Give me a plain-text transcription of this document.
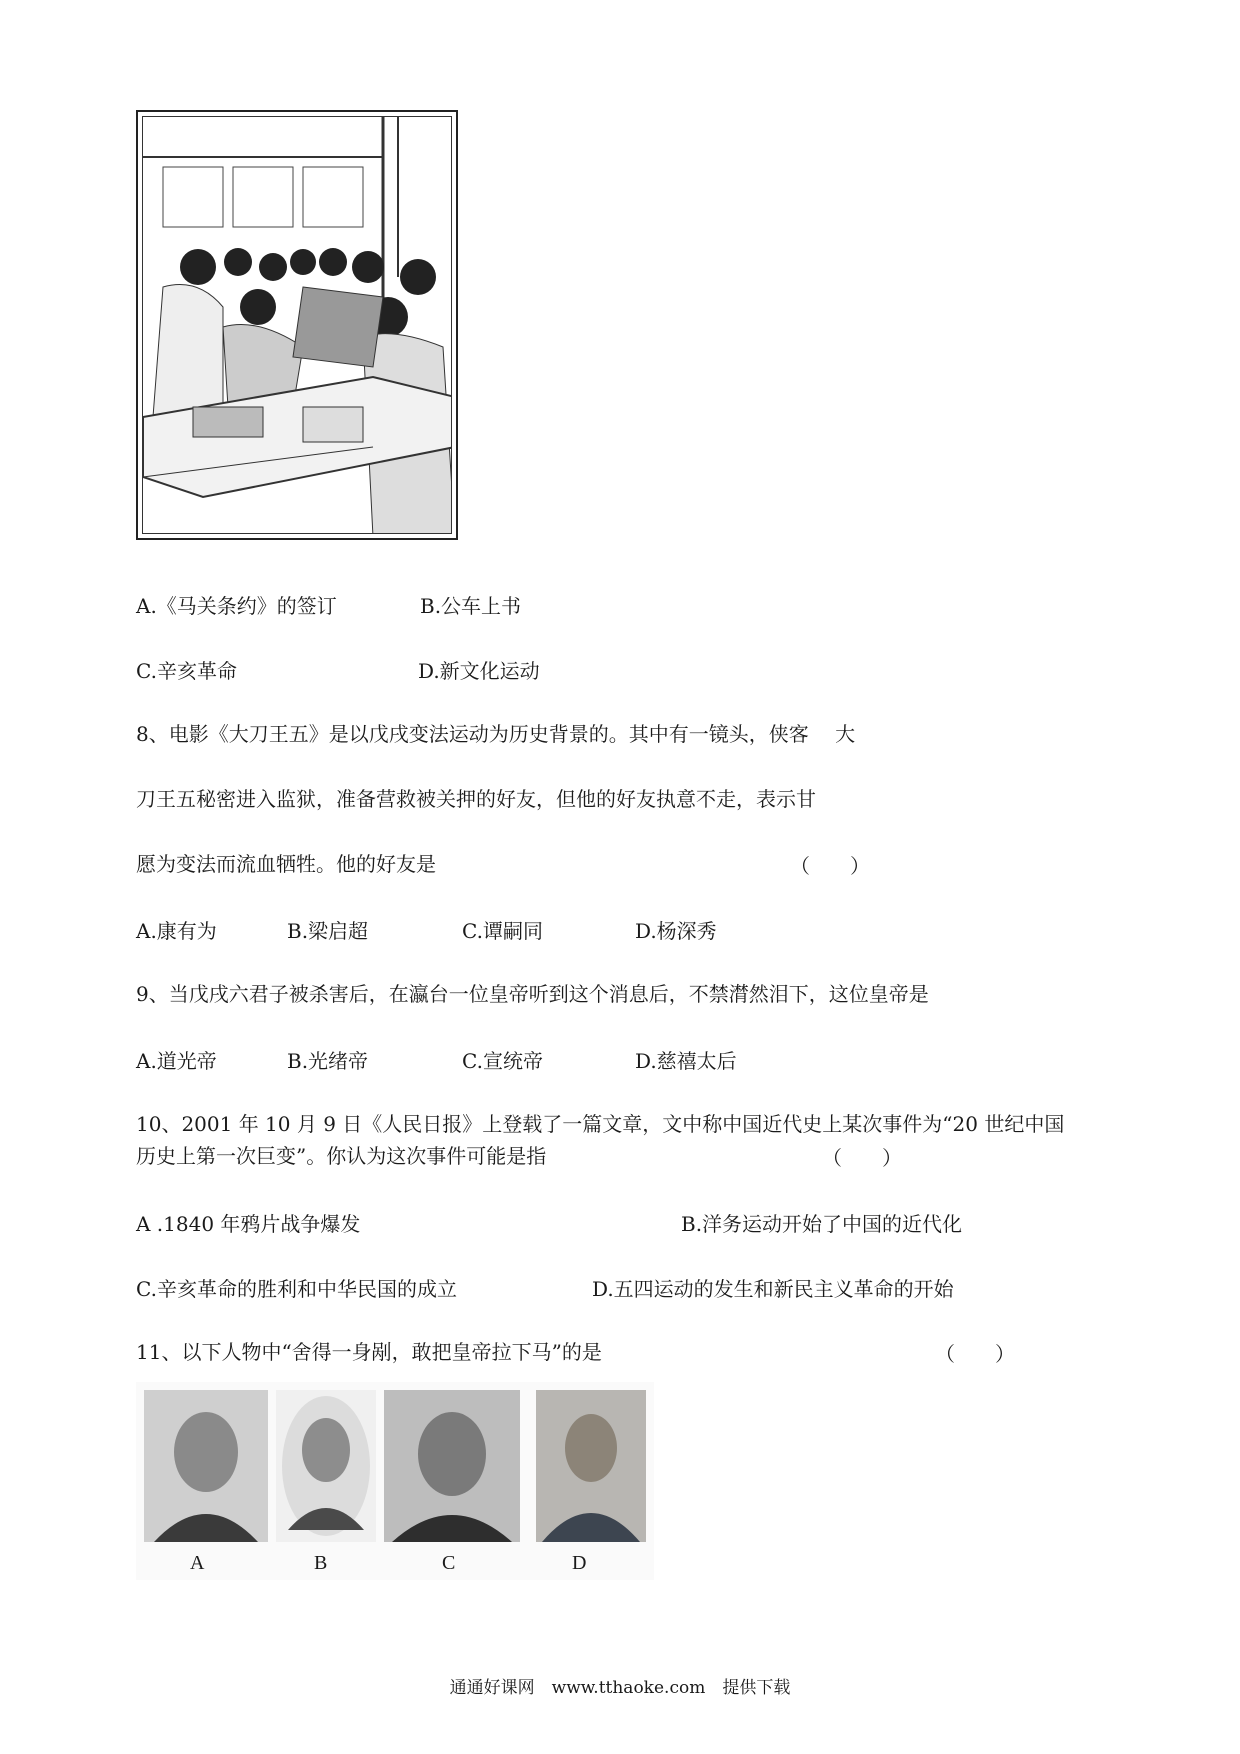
A.《马关条约》的签订	B.公车上书
C.辛亥革命	D.新文化运动
8、电影《大刀王五》是以戊戌变法运动为历史背景的。其中有一镜头，侠客　 大
刀王五秘密进入监狱，准备营救被关押的好友，但他的好友执意不走，表示甘
愿为变法而流血牺牲。他的好友是	（　　）
A.康有为	B.梁启超	C.谭嗣同	D.杨深秀
9、当戊戌六君子被杀害后，在瀛台一位皇帝听到这个消息后，不禁潸然泪下，这位皇帝是
A.道光帝	B.光绪帝	C.宣统帝	D.慈禧太后
10、2001 年 10 月 9 日《人民日报》上登载了一篇文章，文中称中国近代史上某次事件为“20 世纪中国
历史上第一次巨变”。你认为这次事件可能是指	（　　）
A .1840 年鸦片战争爆发	B.洋务运动开始了中国的近代化
C.辛亥革命的胜利和中华民国的成立	D.五四运动的发生和新民主义革命的开始
11、以下人物中“舍得一身剐，敢把皇帝拉下马”的是	（　　）
A	B	C	D
通通好课网　www.tthaoke.com　提供下载
